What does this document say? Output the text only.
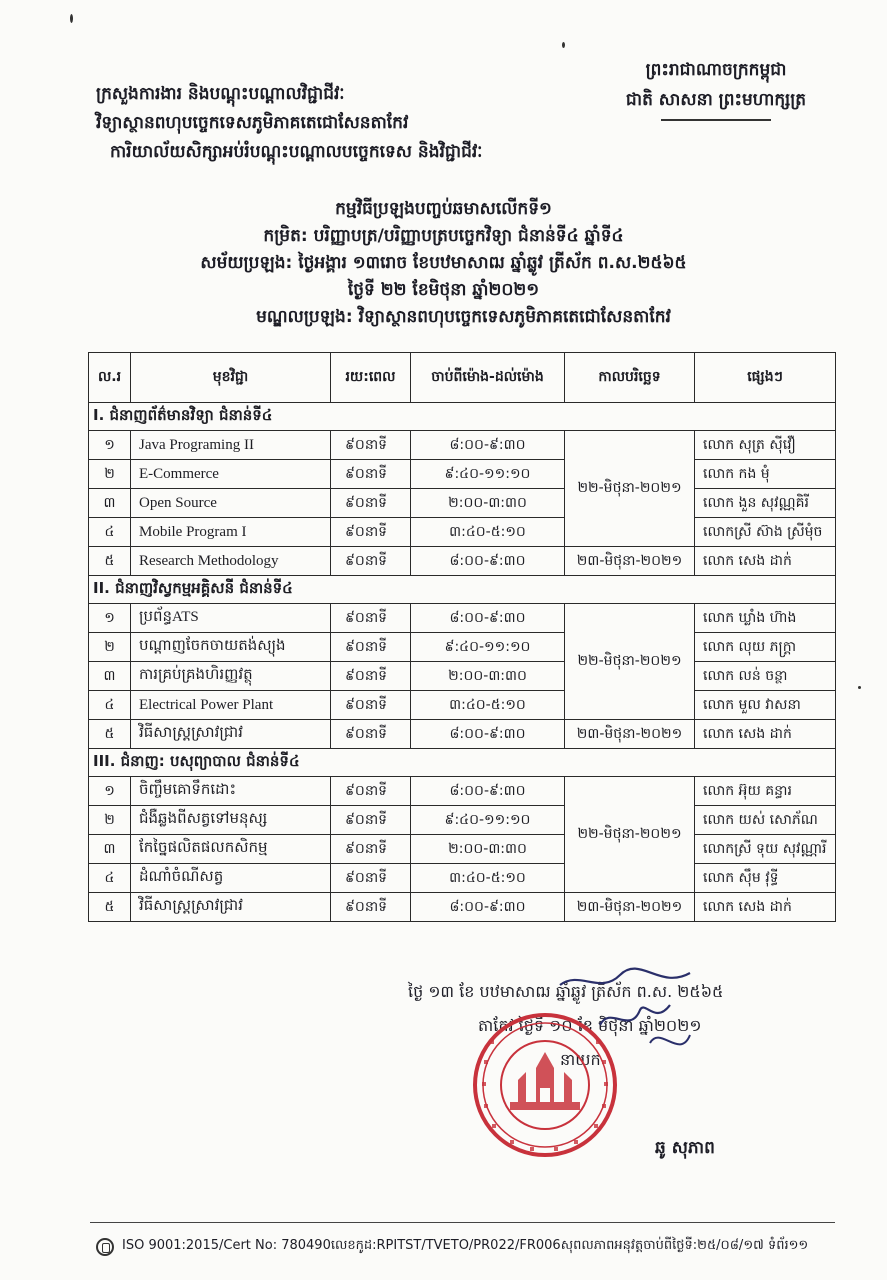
ក្រសួងការងារ និងបណ្តុះបណ្តាលវិជ្ជាជីវៈ
វិទ្យាស្ថានពហុបច្ចេកទេសភូមិភាគតេជោសែនតាកែវ
ការិយាល័យសិក្សាអប់រំបណ្តុះបណ្តាលបច្ចេកទេស និងវិជ្ជាជីវៈ
ព្រះរាជាណាចក្រកម្ពុជា
ជាតិ សាសនា ព្រះមហាក្សត្រ
កម្មវិធីប្រឡងបញ្ចប់ឆមាសលើកទី១
កម្រិត: បរិញ្ញាបត្រ/បរិញ្ញាបត្របច្ចេកវិទ្យា ជំនាន់ទី៤ ឆ្នាំទី៤
សម័យប្រឡង: ថ្ងៃអង្គារ ១៣រោច ខែបឋមាសាឍ ឆ្នាំឆ្លូវ ត្រីស័ក ព.ស.២៥៦៥
ថ្ងៃទី ២២ ខែមិថុនា ឆ្នាំ២០២១
មណ្ឌលប្រឡង: វិទ្យាស្ថានពហុបច្ចេកទេសភូមិភាគតេជោសែនតាកែវ
ល.រ	មុខវិជ្ជា	រយ:ពេល	ចាប់ពីម៉ោង-ដល់ម៉ោង	កាលបរិច្ឆេទ	ផ្សេងៗ
I. ជំនាញព័ត៌មានវិទ្យា ជំនាន់ទី៤					
១	Java Programing II	៩០នាទី	៨:០០-៩:៣០	២២-មិថុនា-២០២១	លោក សុត្រ ស៊ីវឿ
២	E-Commerce	៩០នាទី	៩:៤០-១១:១០		លោក កង មុំ
៣	Open Source	៩០នាទី	២:០០-៣:៣០		លោក ងួន សុវណ្ណគិរី
៤	Mobile Program I	៩០នាទី	៣:៤០-៥:១០		លោកស្រី ស៊ាង ស្រីមុំច
៥	Research Methodology	៩០នាទី	៨:០០-៩:៣០	២៣-មិថុនា-២០២១	លោក សេង ដាក់
II. ជំនាញវិស្វកម្មអគ្គិសនី ជំនាន់ទី៤					
១	ប្រព័ន្ធATS	៩០នាទី	៨:០០-៩:៣០	២២-មិថុនា-២០២១	លោក ឃ្លាំង ហ៊ាង
២	បណ្តាញចែកចាយតង់ស្យុង	៩០នាទី	៩:៤០-១១:១០		លោក លុយ ភក្ត្រា
៣	ការគ្រប់គ្រងហិរញ្ញវត្ថុ	៩០នាទី	២:០០-៣:៣០		លោក លន់ ចន្ថា
៤	Electrical Power Plant	៩០នាទី	៣:៤០-៥:១០		លោក មួល វាសនា
៥	វិធីសាស្ត្រស្រាវជ្រាវ	៩០នាទី	៨:០០-៩:៣០	២៣-មិថុនា-២០២១	លោក សេង ដាក់
III. ជំនាញ: បសុព្យាបាល ជំនាន់ទី៤					
១	ចិញ្ចឹមគោទឹកដោះ	៩០នាទី	៨:០០-៩:៣០	២២-មិថុនា-២០២១	លោក អ៊ុយ គន្ធារ
២	ជំងឺឆ្លងពីសត្វទៅមនុស្ស	៩០នាទី	៩:៤០-១១:១០		លោក យស់ សោភ័ណ
៣	កែច្នៃផលិតផលកសិកម្ម	៩០នាទី	២:០០-៣:៣០		លោកស្រី ទុយ សុវណ្ណារី
៤	ដំណាំចំណីសត្វ	៩០នាទី	៣:៤០-៥:១០		លោក ស៊ឹម វុទ្ធី
៥	វិធីសាស្ត្រស្រាវជ្រាវ	៩០នាទី	៨:០០-៩:៣០	២៣-មិថុនា-២០២១	លោក សេង ដាក់
ថ្ងៃ ១៣ ខែ បឋមាសាឍ ឆ្នាំឆ្លូវ ត្រីស័ក ព.ស. ២៥៦៥
តាកែវ ថ្ងៃទី ១០ ខែ មិថុនា ឆ្នាំ២០២១
នាយក
ឆូ សុភាព
ISO 9001:2015/Cert No: 780490លេខកូដ:RPITST/TVETO/PR022/FR006សុពលភាពអនុវត្តចាប់ពីថ្ងៃទី:២៥/០៨/១៧ ទំព័រ១១
